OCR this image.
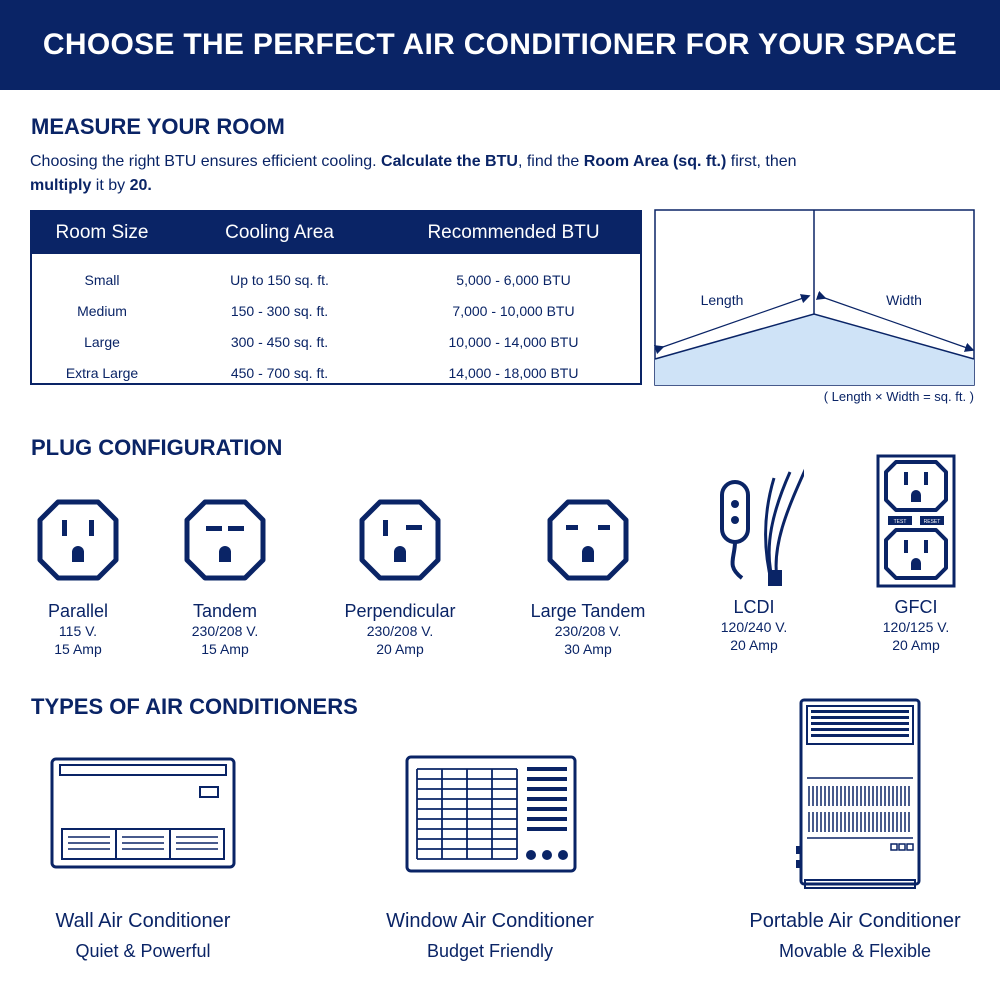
CHOOSE THE PERFECT AIR CONDITIONER FOR YOUR SPACE
MEASURE YOUR ROOM
Choosing the right BTU ensures efficient cooling. Calculate the BTU, find the Room Area (sq. ft.) first, then
multiply it by 20.
Room Size	Cooling Area	Recommended BTU
Small	Up to 150 sq. ft.	5,000 - 6,000 BTU
Medium	150 - 300 sq. ft.	7,000 - 10,000 BTU
Large	300 - 450 sq. ft.	10,000 - 14,000 BTU
Extra Large	450 - 700 sq. ft.	14,000 - 18,000 BTU
Length	Width
( Length × Width = sq. ft. )
PLUG CONFIGURATION
Parallel
115 V.
15 Amp
Tandem
230/208 V.
15 Amp
Perpendicular
230/208 V.
20 Amp
Large Tandem
230/208 V.
30 Amp
LCDI
120/240 V.
20 Amp
TEST	RESET
GFCI
120/125 V.
20 Amp
TYPES OF AIR CONDITIONERS
Wall Air Conditioner
Quiet & Powerful
Window Air Conditioner
Budget Friendly
Portable Air Conditioner
Movable & Flexible
